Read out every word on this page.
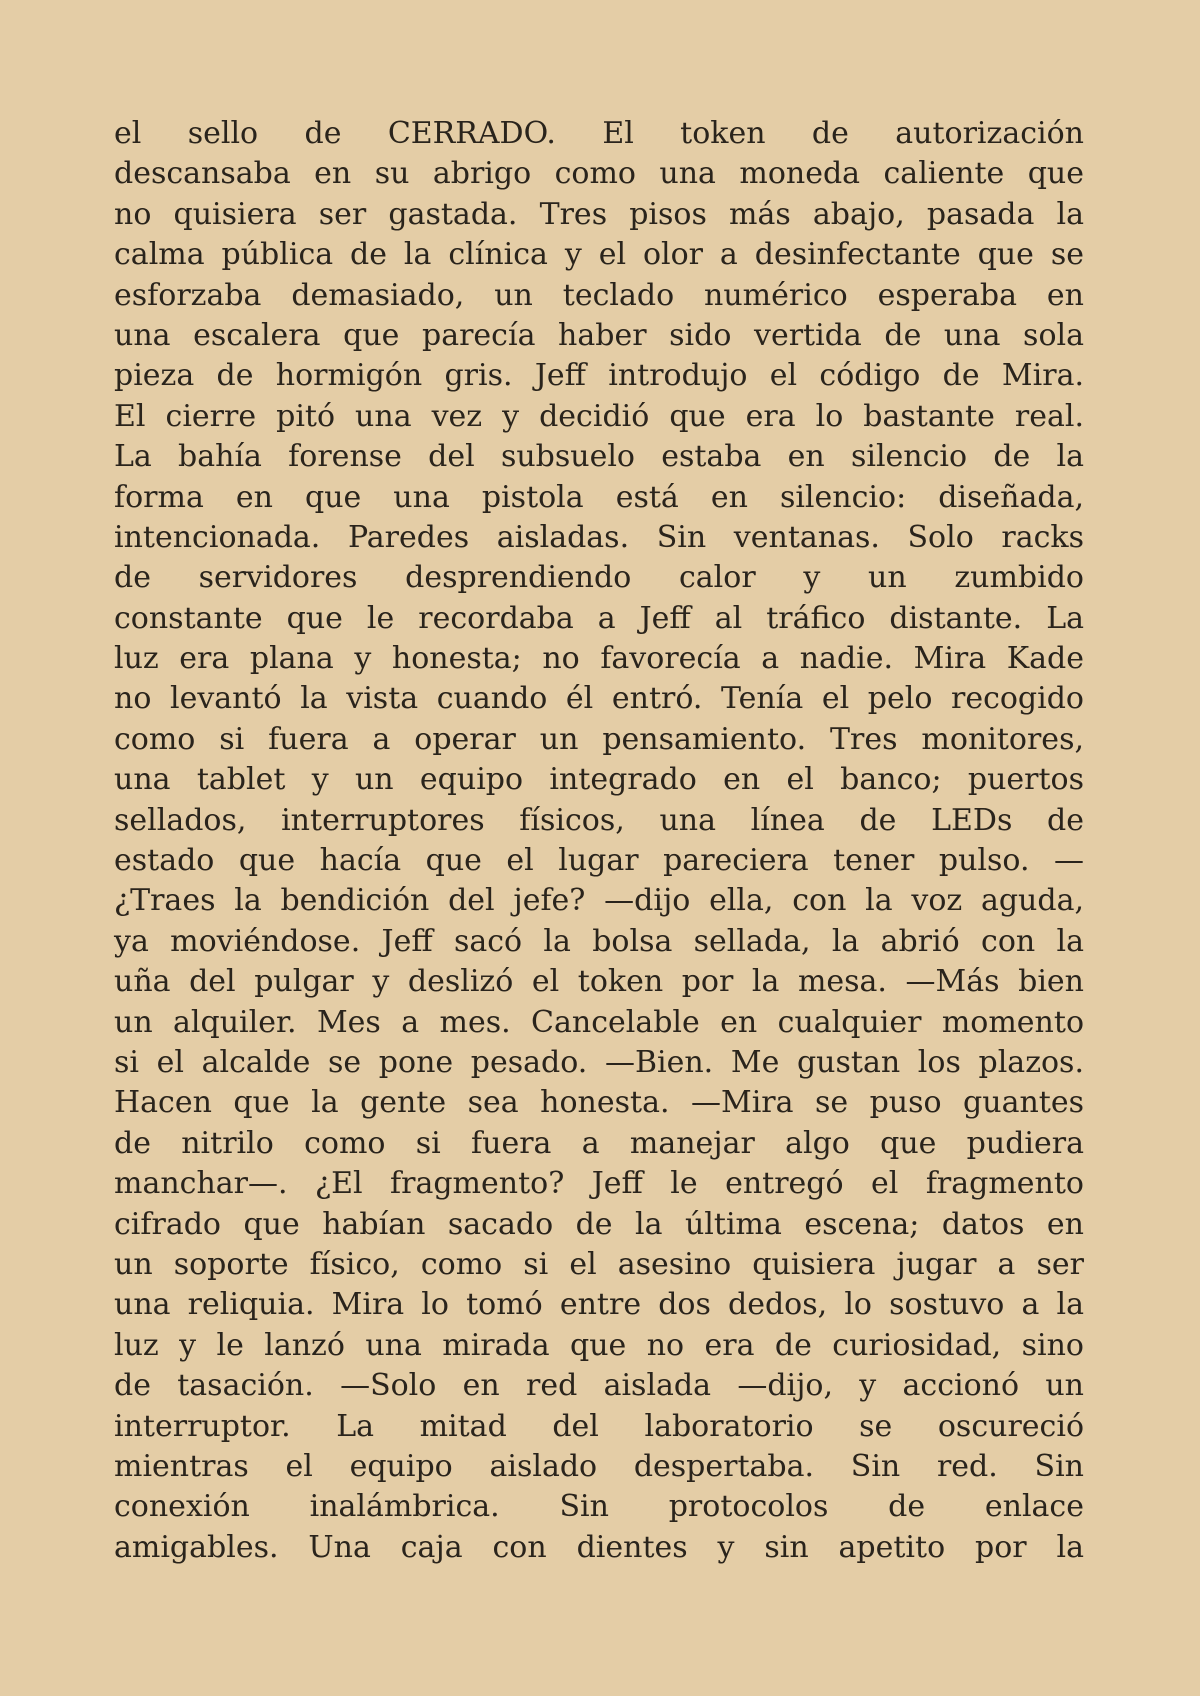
el sello de CERRADO. El token de autorización
descansaba en su abrigo como una moneda caliente que
no quisiera ser gastada. Tres pisos más abajo, pasada la
calma pública de la clínica y el olor a desinfectante que se
esforzaba demasiado, un teclado numérico esperaba en
una escalera que parecía haber sido vertida de una sola
pieza de hormigón gris. Jeff introdujo el código de Mira.
El cierre pitó una vez y decidió que era lo bastante real.
La bahía forense del subsuelo estaba en silencio de la
forma en que una pistola está en silencio: diseñada,
intencionada. Paredes aisladas. Sin ventanas. Solo racks
de servidores desprendiendo calor y un zumbido
constante que le recordaba a Jeff al tráfico distante. La
luz era plana y honesta; no favorecía a nadie. Mira Kade
no levantó la vista cuando él entró. Tenía el pelo recogido
como si fuera a operar un pensamiento. Tres monitores,
una tablet y un equipo integrado en el banco; puertos
sellados, interruptores físicos, una línea de LEDs de
estado que hacía que el lugar pareciera tener pulso. —
¿Traes la bendición del jefe? —dijo ella, con la voz aguda,
ya moviéndose. Jeff sacó la bolsa sellada, la abrió con la
uña del pulgar y deslizó el token por la mesa. —Más bien
un alquiler. Mes a mes. Cancelable en cualquier momento
si el alcalde se pone pesado. —Bien. Me gustan los plazos.
Hacen que la gente sea honesta. —Mira se puso guantes
de nitrilo como si fuera a manejar algo que pudiera
manchar—. ¿El fragmento? Jeff le entregó el fragmento
cifrado que habían sacado de la última escena; datos en
un soporte físico, como si el asesino quisiera jugar a ser
una reliquia. Mira lo tomó entre dos dedos, lo sostuvo a la
luz y le lanzó una mirada que no era de curiosidad, sino
de tasación. —Solo en red aislada —dijo, y accionó un
interruptor. La mitad del laboratorio se oscureció
mientras el equipo aislado despertaba. Sin red. Sin
conexión inalámbrica. Sin protocolos de enlace
amigables. Una caja con dientes y sin apetito por la
